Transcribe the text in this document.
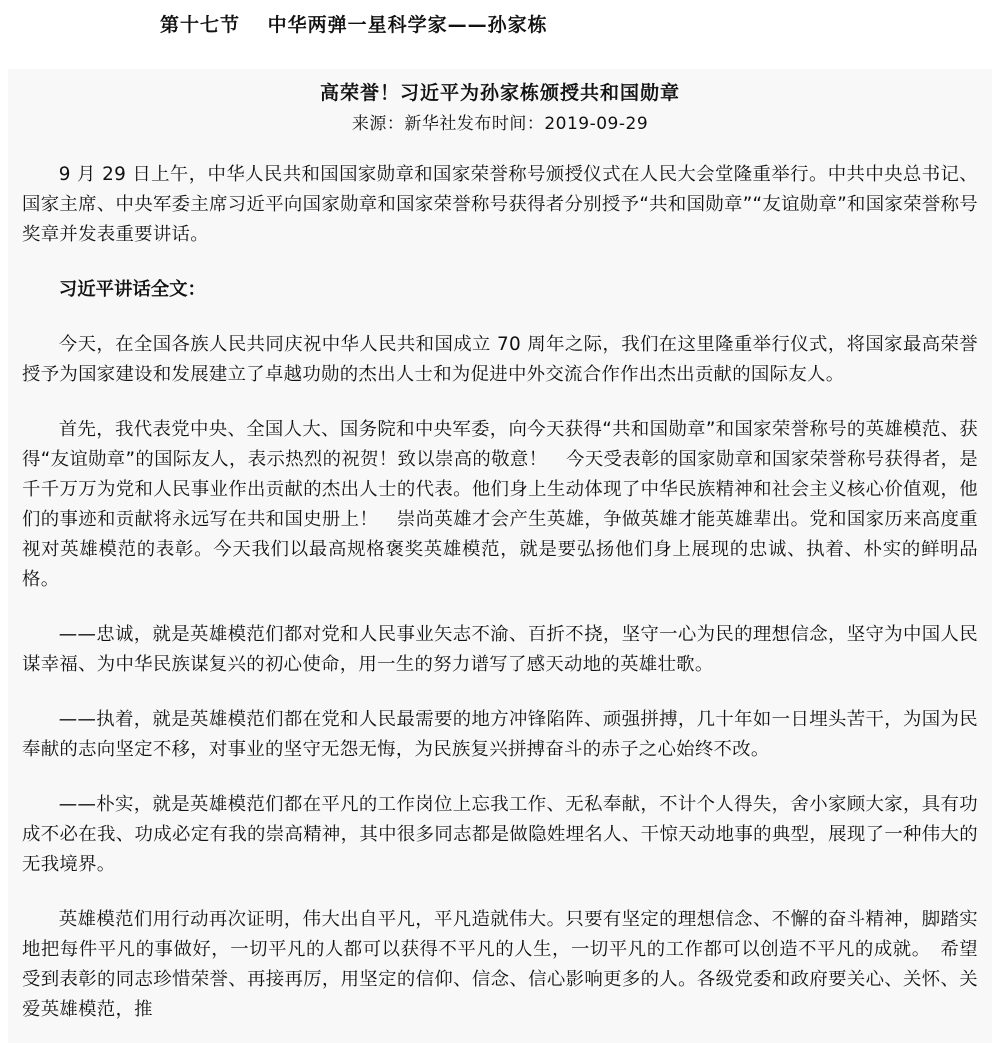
第十七节　 中华两弹一星科学家——孙家栋
高荣誉！习近平为孙家栋颁授共和国勋章
来源：新华社发布时间：2019-09-29

9 月 29 日上午，中华人民共和国国家勋章和国家荣誉称号颁授仪式在人民大会堂隆重举行。中共中央总书记、国家主席、中央军委主席习近平向国家勋章和国家荣誉称号获得者分别授予“共和国勋章”“友谊勋章”和国家荣誉称号奖章并发表重要讲话。

习近平讲话全文：

今天，在全国各族人民共同庆祝中华人民共和国成立 70 周年之际，我们在这里隆重举行仪式，将国家最高荣誉授予为国家建设和发展建立了卓越功勋的杰出人士和为促进中外交流合作作出杰出贡献的国际友人。

首先，我代表党中央、全国人大、国务院和中央军委，向今天获得“共和国勋章”和国家荣誉称号的英雄模范、获得“友谊勋章”的国际友人，表示热烈的祝贺！致以崇高的敬意！　今天受表彰的国家勋章和国家荣誉称号获得者，是千千万万为党和人民事业作出贡献的杰出人士的代表。他们身上生动体现了中华民族精神和社会主义核心价值观，他们的事迹和贡献将永远写在共和国史册上！　崇尚英雄才会产生英雄，争做英雄才能英雄辈出。党和国家历来高度重视对英雄模范的表彰。今天我们以最高规格褒奖英雄模范，就是要弘扬他们身上展现的忠诚、执着、朴实的鲜明品格。

——忠诚，就是英雄模范们都对党和人民事业矢志不渝、百折不挠，坚守一心为民的理想信念，坚守为中国人民谋幸福、为中华民族谋复兴的初心使命，用一生的努力谱写了感天动地的英雄壮歌。

——执着，就是英雄模范们都在党和人民最需要的地方冲锋陷阵、顽强拼搏，几十年如一日埋头苦干，为国为民奉献的志向坚定不移，对事业的坚守无怨无悔，为民族复兴拼搏奋斗的赤子之心始终不改。

——朴实，就是英雄模范们都在平凡的工作岗位上忘我工作、无私奉献，不计个人得失，舍小家顾大家，具有功成不必在我、功成必定有我的崇高精神，其中很多同志都是做隐姓埋名人、干惊天动地事的典型，展现了一种伟大的无我境界。

英雄模范们用行动再次证明，伟大出自平凡，平凡造就伟大。只要有坚定的理想信念、不懈的奋斗精神，脚踏实地把每件平凡的事做好，一切平凡的人都可以获得不平凡的人生，一切平凡的工作都可以创造不平凡的成就。　希望受到表彰的同志珍惜荣誉、再接再厉，用坚定的信仰、信念、信心影响更多的人。各级党委和政府要关心、关怀、关爱英雄模范，推
